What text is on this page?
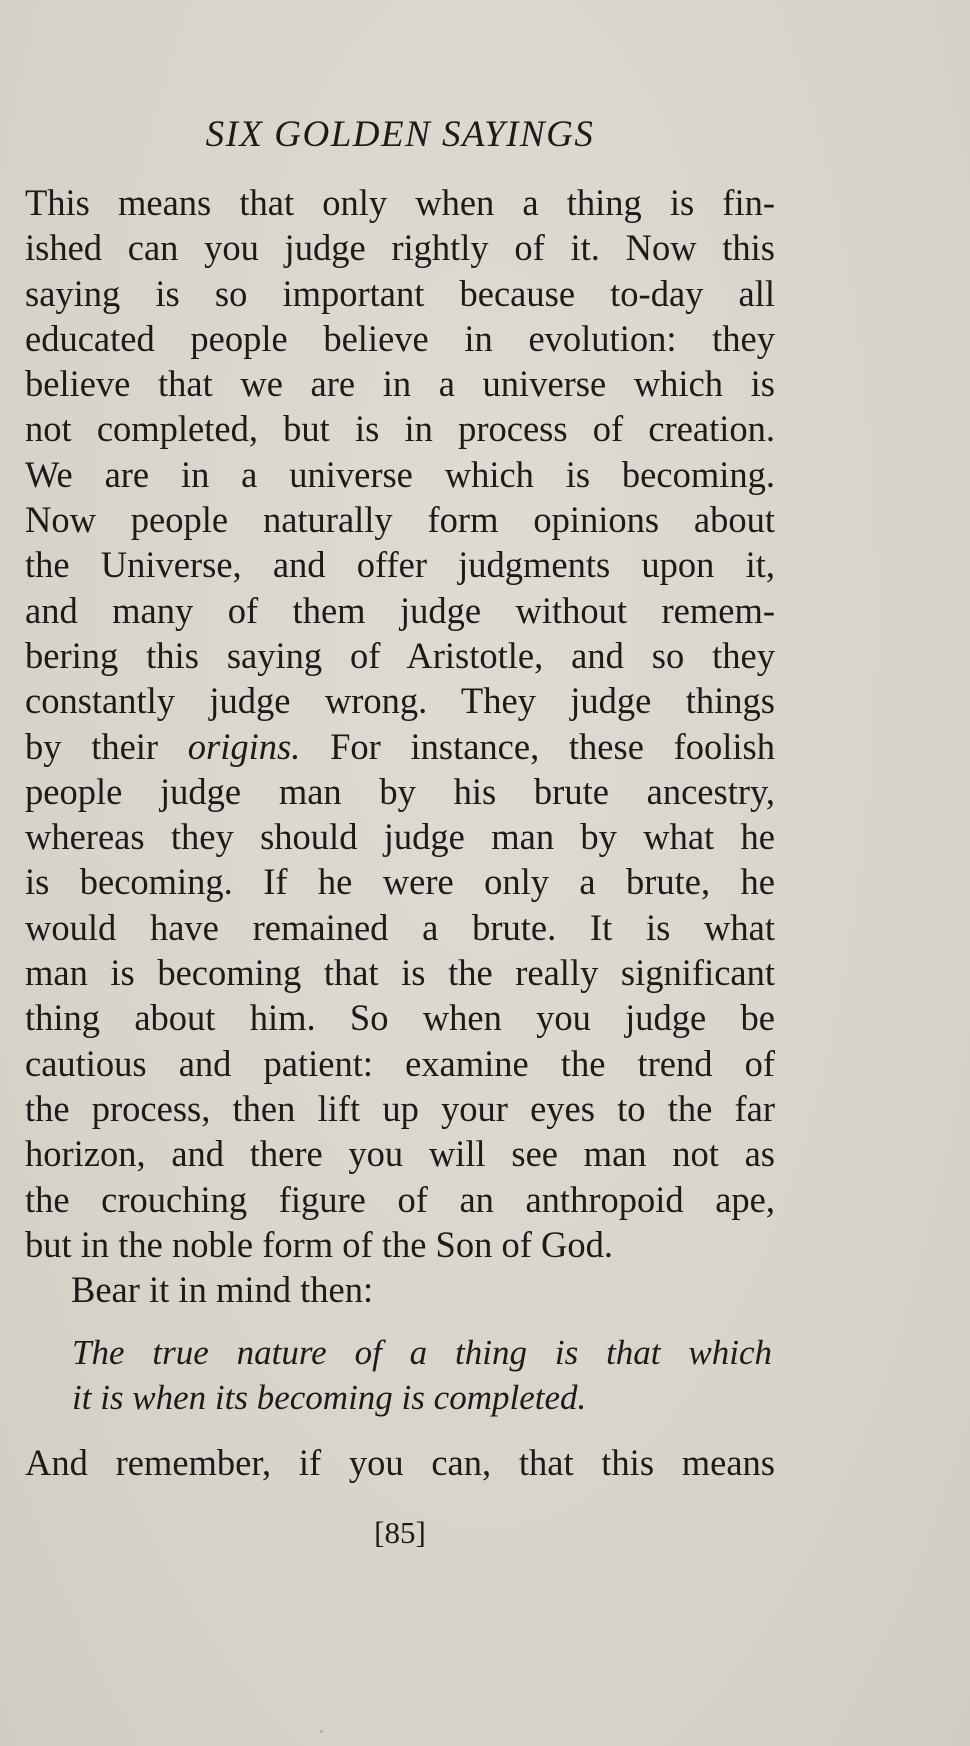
SIX GOLDEN SAYINGS
This means that only when a thing is fin-
ished can you judge rightly of it. Now this
saying is so important because to-day all
educated people believe in evolution: they
believe that we are in a universe which is
not completed, but is in process of creation.
We are in a universe which is becoming.
Now people naturally form opinions about
the Universe, and offer judgments upon it,
and many of them judge without remem-
bering this saying of Aristotle, and so they
constantly judge wrong. They judge things
by their origins. For instance, these foolish
people judge man by his brute ancestry,
whereas they should judge man by what he
is becoming. If he were only a brute, he
would have remained a brute. It is what
man is becoming that is the really significant
thing about him. So when you judge be
cautious and patient: examine the trend of
the process, then lift up your eyes to the far
horizon, and there you will see man not as
the crouching figure of an anthropoid ape,
but in the noble form of the Son of God.
Bear it in mind then:
The true nature of a thing is that which
it is when its becoming is completed.
And remember, if you can, that this means
[85]
